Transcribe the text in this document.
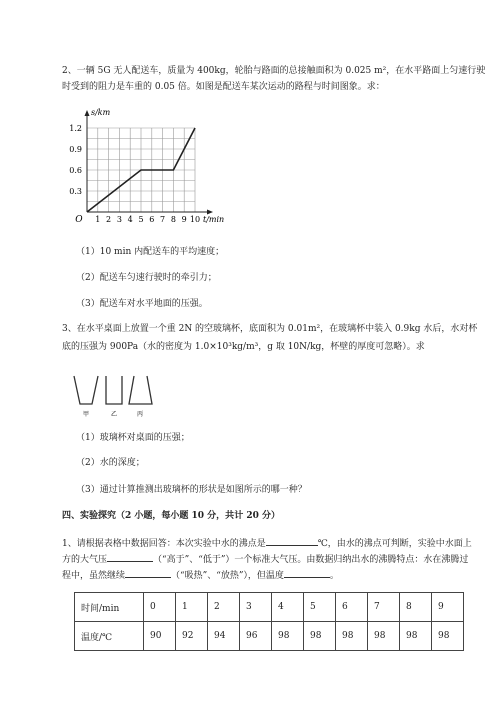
2、一辆 5G 无人配送车，质量为 400kg，轮胎与路面的总接触面积为 0.025 m²，在水平路面上匀速行驶
时受到的阻力是车重的 0.05 倍。如图是配送车某次运动的路程与时间图象。求：
1 2 3 4 5 6 7 8 9 10
0.3
0.6
0.9
1.2
O
s/km
t/min
（1）10 min 内配送车的平均速度；
（2）配送车匀速行驶时的牵引力；
（3）配送车对水平地面的压强。
3、在水平桌面上放置一个重 2N 的空玻璃杯，底面积为 0.01m²，在玻璃杯中装入 0.9kg 水后，水对杯
底的压强为 900Pa（水的密度为 1.0×10³kg/m³，g 取 10N/kg，杯壁的厚度可忽略）。求
甲	乙	丙
（1）玻璃杯对桌面的压强；
（2）水的深度；
（3）通过计算推测出玻璃杯的形状是如图所示的哪一种？
四、实验探究（2 小题，每小题 10 分，共计 20 分）
1、请根据表格中数据回答：本次实验中水的沸点是	℃，由水的沸点可判断，实验中水面上
方的大气压	（“高于”、“低于”）一个标准大气压。由数据归纳出水的沸腾特点：水在沸腾过
程中，虽然继续	（“吸热”、“放热”），但温度	。
时间/min	0	1	2	3	4	5	6	7	8	9
温度/℃	90	92	94	96	98	98	98	98	98	98
